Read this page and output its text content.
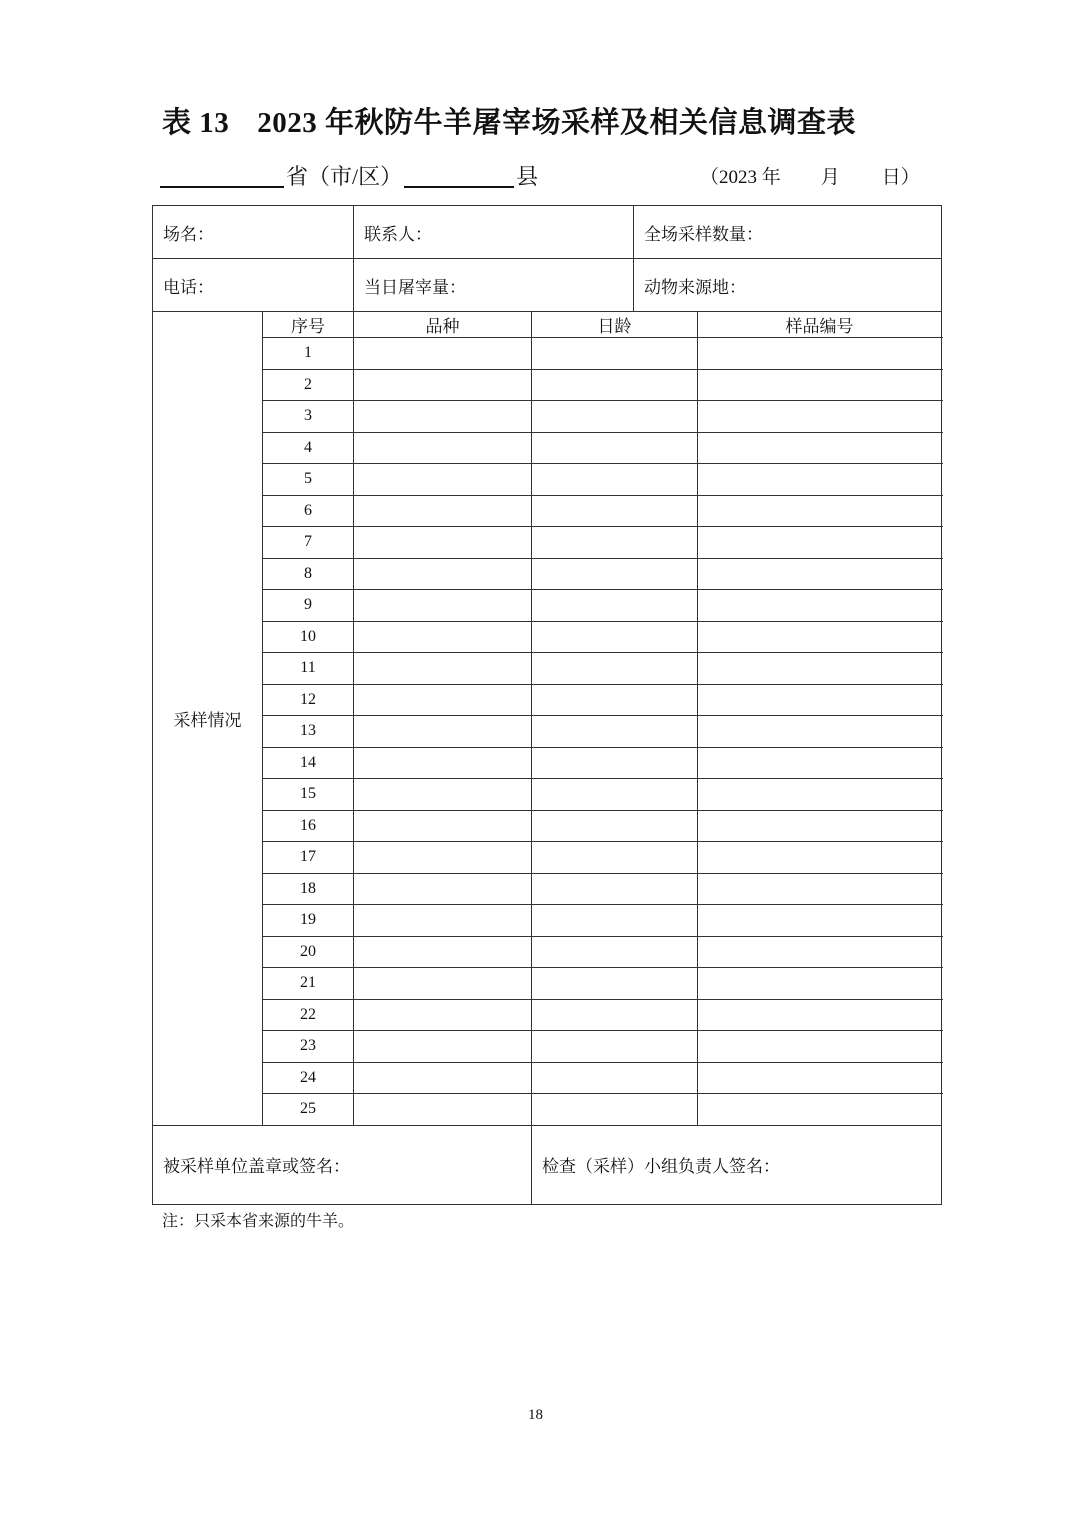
表 13 2023 年秋防牛羊屠宰场采样及相关信息调查表
省（市/区）	县	（2023 年 月 日）
场名：		联系人：		全场采样数量：	
电话：		当日屠宰量：		动物来源地：	
采样情况	序号	品种	日龄		样品编号
	1				
	2				
	3				
	4				
	5				
	6				
	7				
	8				
	9				
	10				
	11				
	12				
	13				
	14				
	15				
	16				
	17				
	18				
	19				
	20				
	21				
	22				
	23				
	24				
	25				
被采样单位盖章或签名：			检查（采样）小组负责人签名：		
注：只采本省来源的牛羊。
18
